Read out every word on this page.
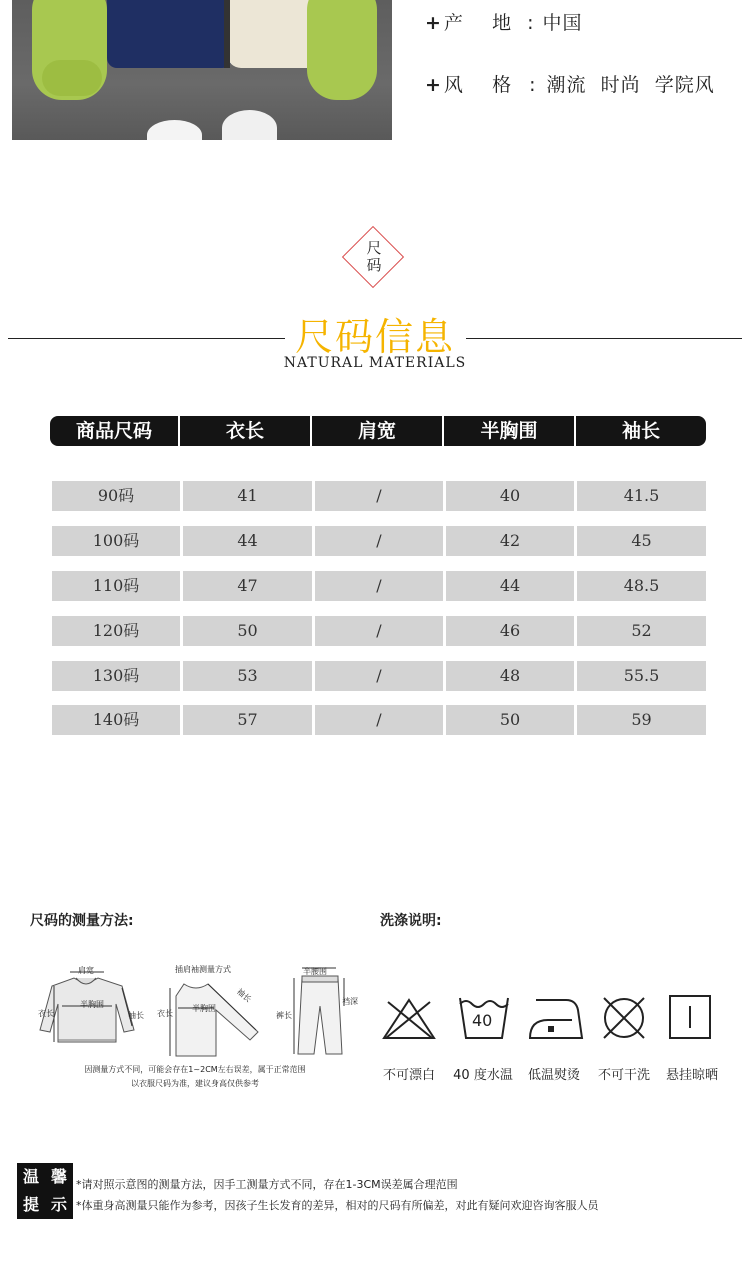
+ 产    地 : 中国
+ 风    格 : 潮流  时尚  学院风
尺
码
尺码信息
NATURAL MATERIALS
商品尺码	衣长	肩宽	半胸围	袖长
90码	41	/	40	41.5
100码	44	/	42	45
110码	47	/	44	48.5
120码	50	/	46	52
130码	53	/	48	55.5
140码	57	/	50	59
尺码的测量方法:
肩宽
衣长
半胸围
袖长
插肩袖测量方式
衣长
半胸围
袖长
半腰围
裤长
裆深
因测量方式不同，可能会存在1~2CM左右误差，属于正常范围
以衣服尺码为准，建议身高仅供参考
洗涤说明:
不可漂白
40
40 度水温	低温熨烫	不可干洗	悬挂晾晒
温 馨
提 示
*请对照示意图的测量方法，因手工测量方式不同，存在1-3CM误差属合理范围
*体重身高测量只能作为参考，因孩子生长发育的差异，相对的尺码有所偏差，对此有疑问欢迎咨询客服人员
